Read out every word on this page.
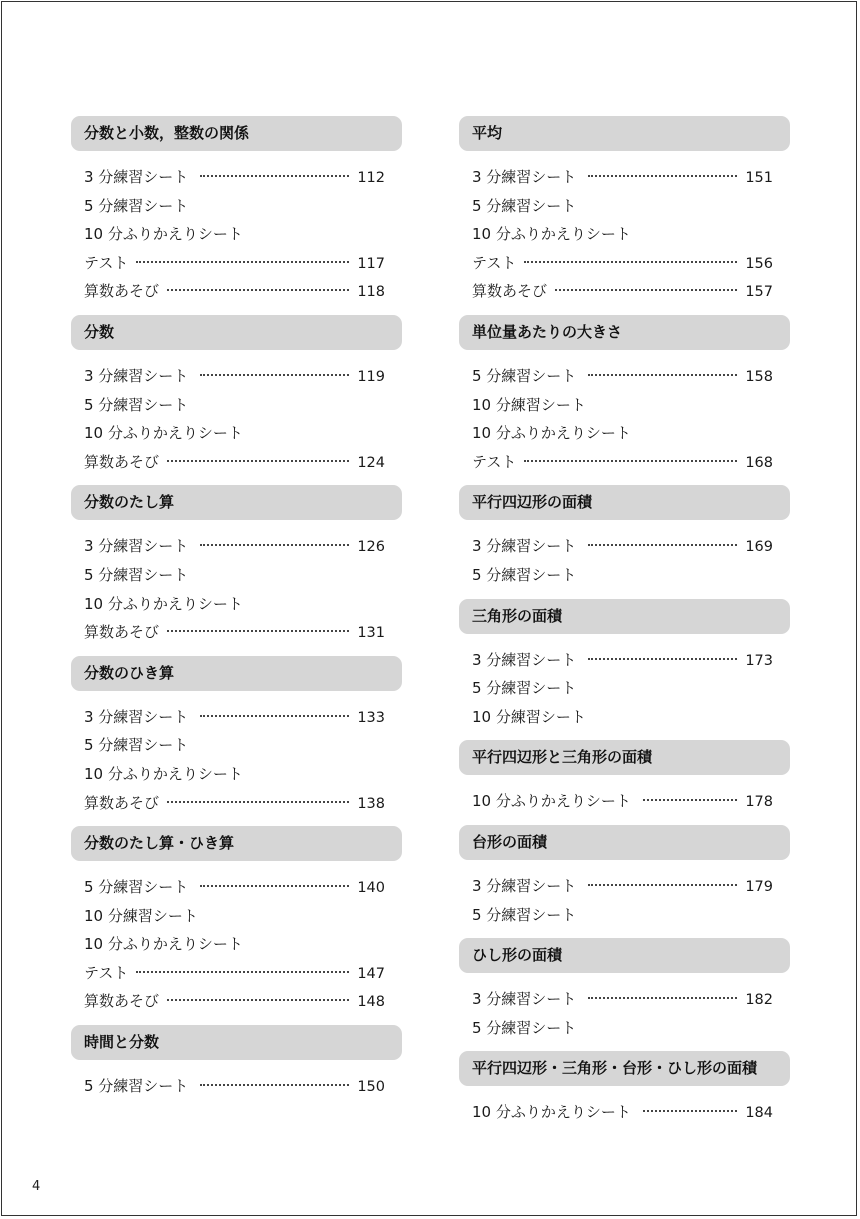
分数と小数，整数の関係
3 分練習シート	112
5 分練習シート
10 分ふりかえりシート
テスト	117
算数あそび	118
分数
3 分練習シート	119
5 分練習シート
10 分ふりかえりシート
算数あそび	124
分数のたし算
3 分練習シート	126
5 分練習シート
10 分ふりかえりシート
算数あそび	131
分数のひき算
3 分練習シート	133
5 分練習シート
10 分ふりかえりシート
算数あそび	138
分数のたし算・ひき算
5 分練習シート	140
10 分練習シート
10 分ふりかえりシート
テスト	147
算数あそび	148
時間と分数
5 分練習シート	150
平均
3 分練習シート	151
5 分練習シート
10 分ふりかえりシート
テスト	156
算数あそび	157
単位量あたりの大きさ
5 分練習シート	158
10 分練習シート
10 分ふりかえりシート
テスト	168
平行四辺形の面積
3 分練習シート	169
5 分練習シート
三角形の面積
3 分練習シート	173
5 分練習シート
10 分練習シート
平行四辺形と三角形の面積
10 分ふりかえりシート	178
台形の面積
3 分練習シート	179
5 分練習シート
ひし形の面積
3 分練習シート	182
5 分練習シート
平行四辺形・三角形・台形・ひし形の面積
10 分ふりかえりシート	184
4
